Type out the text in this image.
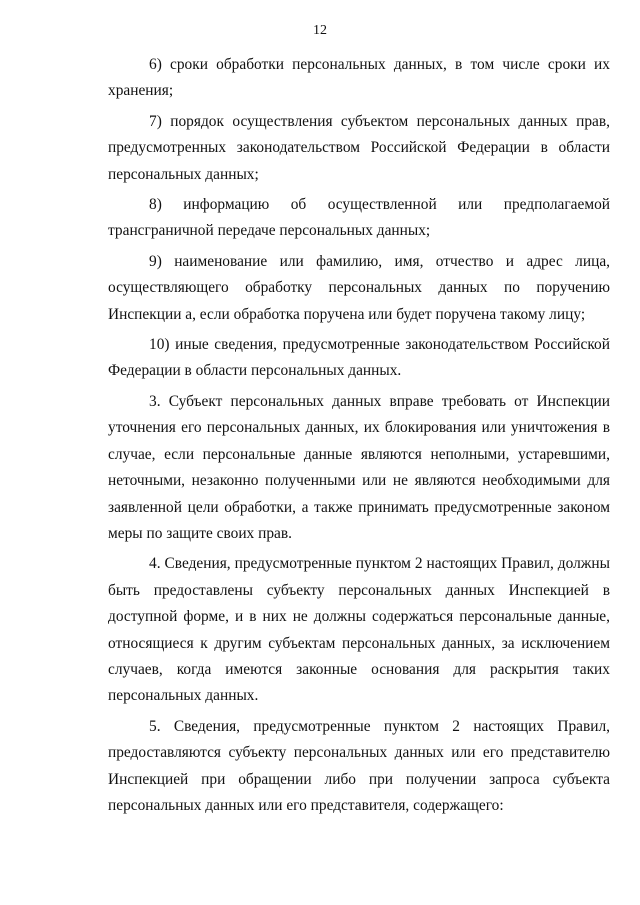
12

6) сроки обработки персональных данных, в том числе сроки их хранения;

7) порядок осуществления субъектом персональных данных прав, предусмотренных законодательством Российской Федерации в области персональных данных;

8) информацию об осуществленной или предполагаемой трансграничной передаче персональных данных;

9) наименование или фамилию, имя, отчество и адрес лица, осуществляющего обработку персональных данных по поручению Инспекции а, если обработка поручена или будет поручена такому лицу;

10) иные сведения, предусмотренные законодательством Российской Федерации в области персональных данных.

3. Субъект персональных данных вправе требовать от Инспекции уточнения его персональных данных, их блокирования или уничтожения в случае, если персональные данные являются неполными, устаревшими, неточными, незаконно полученными или не являются необходимыми для заявленной цели обработки, а также принимать предусмотренные законом меры по защите своих прав.

4. Сведения, предусмотренные пунктом 2 настоящих Правил, должны быть предоставлены субъекту персональных данных Инспекцией в доступной форме, и в них не должны содержаться персональные данные, относящиеся к другим субъектам персональных данных, за исключением случаев, когда имеются законные основания для раскрытия таких персональных данных.

5. Сведения, предусмотренные пунктом 2 настоящих Правил, предоставляются субъекту персональных данных или его представителю Инспекцией при обращении либо при получении запроса субъекта персональных данных или его представителя, содержащего:
